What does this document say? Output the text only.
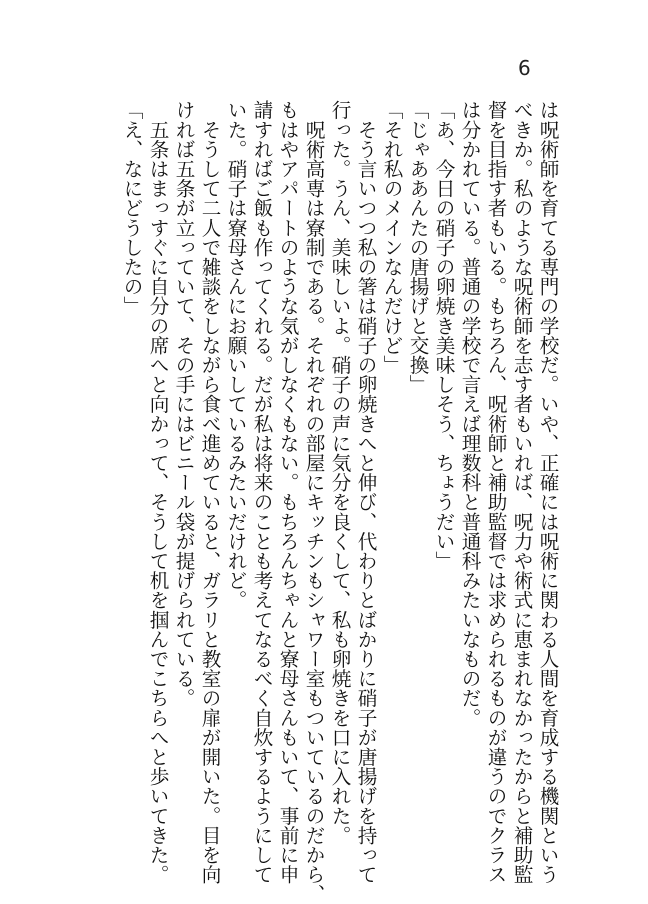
6
は呪術師を育てる専門の学校だ。いや、正確には呪術に関わる人間を育成する機関という
べきか。私のような呪術師を志す者もいれば、呪力や術式に恵まれなかったからと補助監
督を目指す者もいる。もちろん、呪術師と補助監督では求められるものが違うのでクラス
は分かれている。普通の学校で言えば理数科と普通科みたいなものだ。
「あ、今日の硝子の卵焼き美味しそう、ちょうだい」
「じゃああんたの唐揚げと交換」
「それ私のメインなんだけど」
　そう言いつつ私の箸は硝子の卵焼きへと伸び、代わりとばかりに硝子が唐揚げを持って
行った。うん、美味しいよ。硝子の声に気分を良くして、私も卵焼きを口に入れた。
　呪術高専は寮制である。それぞれの部屋にキッチンもシャワー室もついているのだから、
もはやアパートのような気がしなくもない。もちろんちゃんと寮母さんもいて、事前に申
請すればご飯も作ってくれる。だが私は将来のことも考えてなるべく自炊するようにして
いた。硝子は寮母さんにお願いしているみたいだけれど。
　そうして二人で雑談をしながら食べ進めていると、ガラリと教室の扉が開いた。目を向
ければ五条が立っていて、その手にはビニール袋が提げられている。
　五条はまっすぐに自分の席へと向かって、そうして机を掴んでこちらへと歩いてきた。
「え、なにどうしたの」
